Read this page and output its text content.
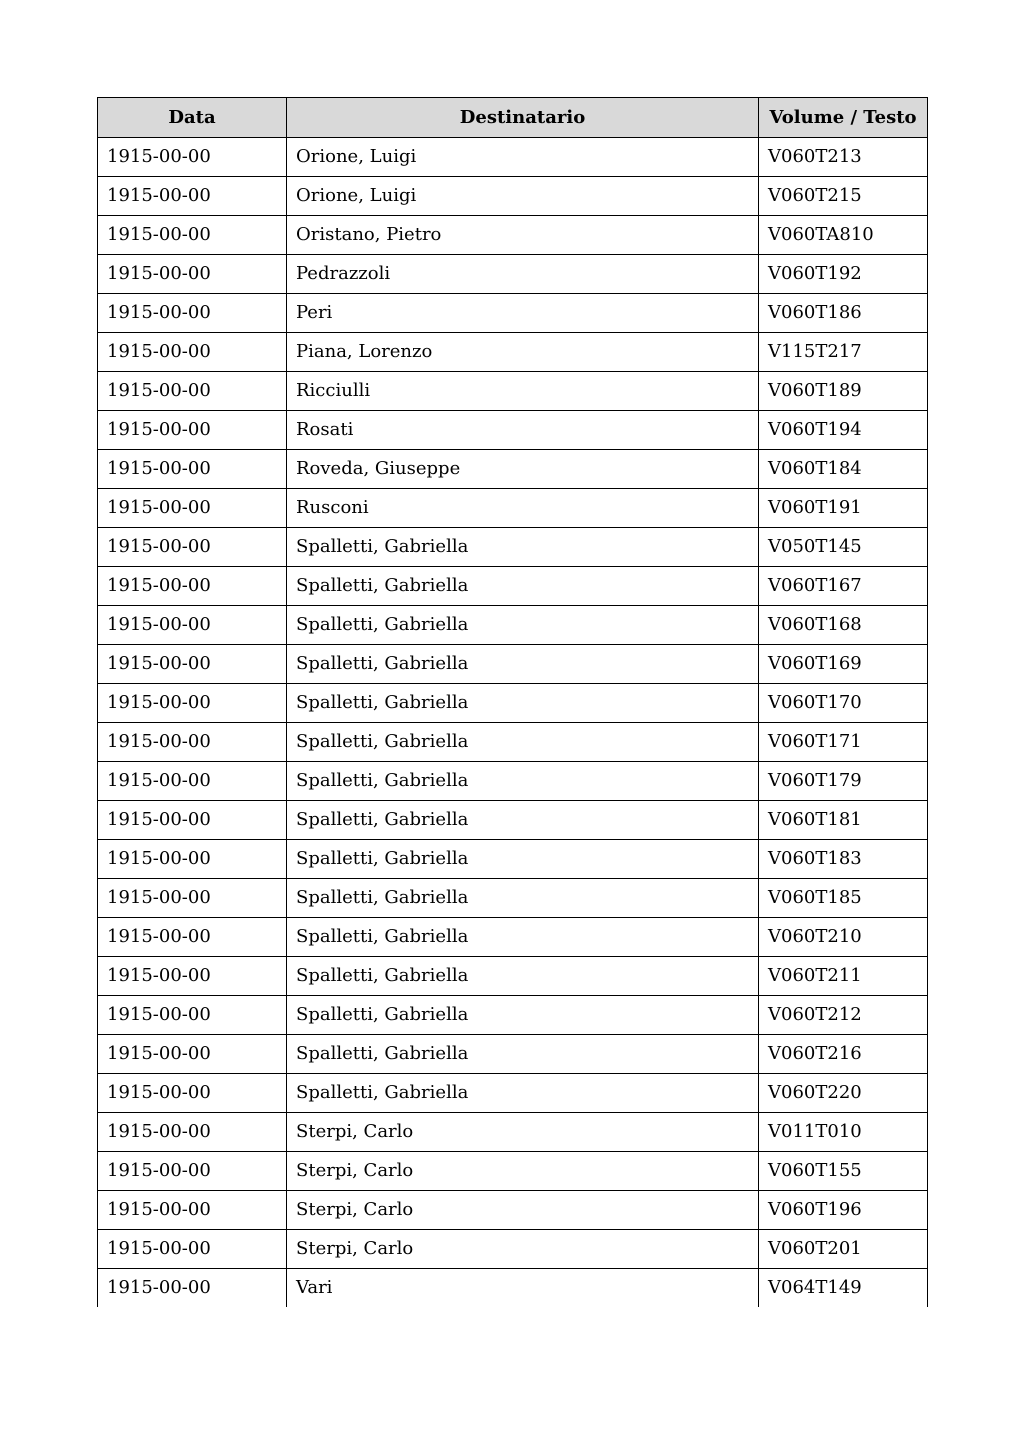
Data	Destinatario	Volume / Testo
1915-00-00	Orione, Luigi	V060T213
1915-00-00	Orione, Luigi	V060T215
1915-00-00	Oristano, Pietro	V060TA810
1915-00-00	Pedrazzoli	V060T192
1915-00-00	Peri	V060T186
1915-00-00	Piana, Lorenzo	V115T217
1915-00-00	Ricciulli	V060T189
1915-00-00	Rosati	V060T194
1915-00-00	Roveda, Giuseppe	V060T184
1915-00-00	Rusconi	V060T191
1915-00-00	Spalletti, Gabriella	V050T145
1915-00-00	Spalletti, Gabriella	V060T167
1915-00-00	Spalletti, Gabriella	V060T168
1915-00-00	Spalletti, Gabriella	V060T169
1915-00-00	Spalletti, Gabriella	V060T170
1915-00-00	Spalletti, Gabriella	V060T171
1915-00-00	Spalletti, Gabriella	V060T179
1915-00-00	Spalletti, Gabriella	V060T181
1915-00-00	Spalletti, Gabriella	V060T183
1915-00-00	Spalletti, Gabriella	V060T185
1915-00-00	Spalletti, Gabriella	V060T210
1915-00-00	Spalletti, Gabriella	V060T211
1915-00-00	Spalletti, Gabriella	V060T212
1915-00-00	Spalletti, Gabriella	V060T216
1915-00-00	Spalletti, Gabriella	V060T220
1915-00-00	Sterpi, Carlo	V011T010
1915-00-00	Sterpi, Carlo	V060T155
1915-00-00	Sterpi, Carlo	V060T196
1915-00-00	Sterpi, Carlo	V060T201
1915-00-00	Vari	V064T149
